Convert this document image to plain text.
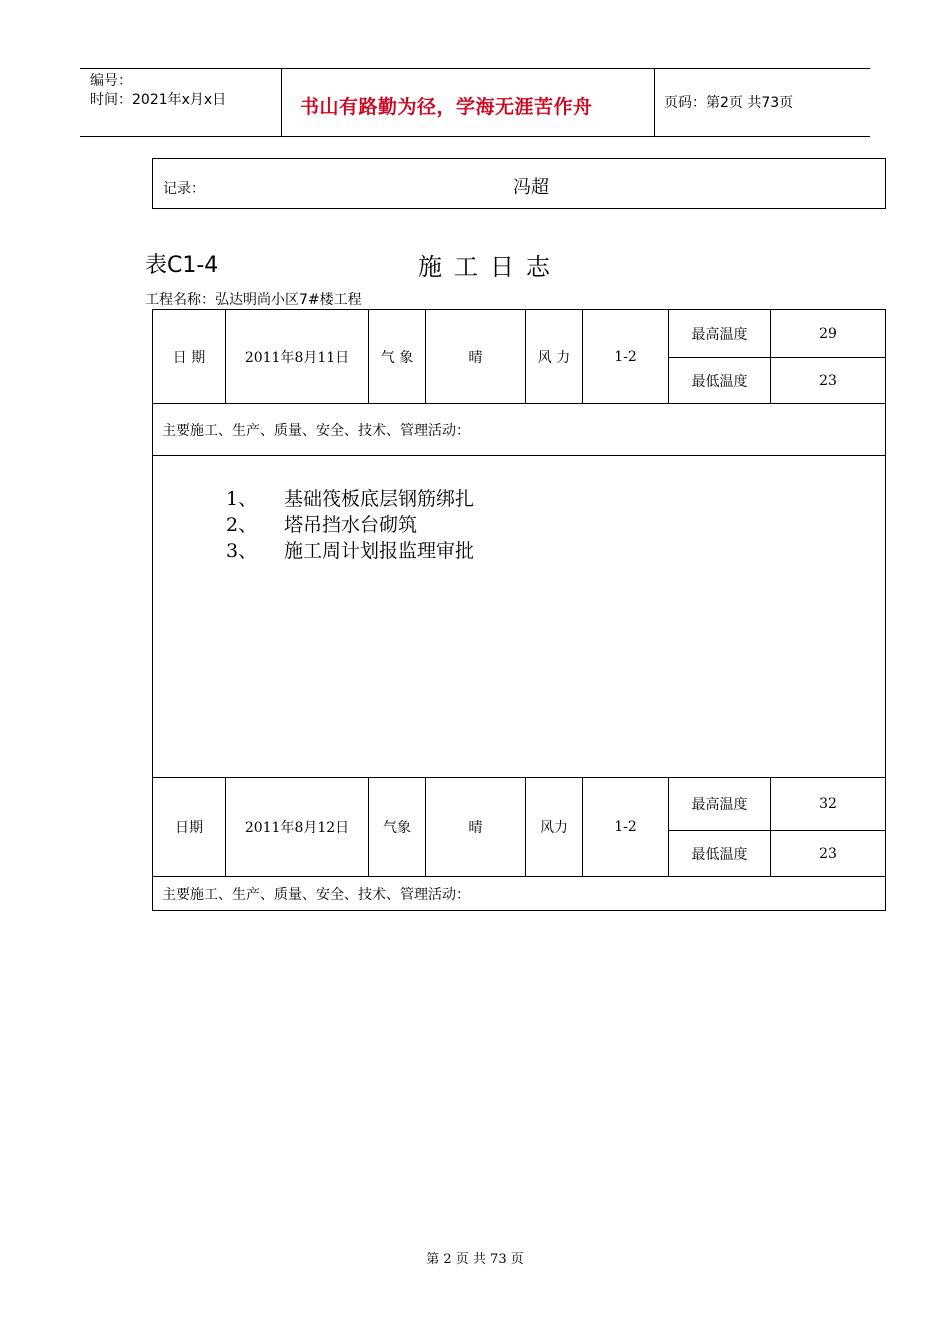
编号：
时间：2021年x月x日	书山有路勤为径，学海无涯苦作舟	页码：第2页 共73页
记录：	冯超
表C1-4	施工日志
工程名称：弘达明尚小区7#楼工程
日 期	2011年8月11日	气 象	晴	风 力	1-2
最高温度	29
最低温度	23
主要施工、生产、质量、安全、技术、管理活动：
1、 基础筏板底层钢筋绑扎
2、 塔吊挡水台砌筑
3、 施工周计划报监理审批
日期	2011年8月12日	气象	晴	风力	1-2
最高温度	32
最低温度	23
主要施工、生产、质量、安全、技术、管理活动：
第 2 页 共 73 页
